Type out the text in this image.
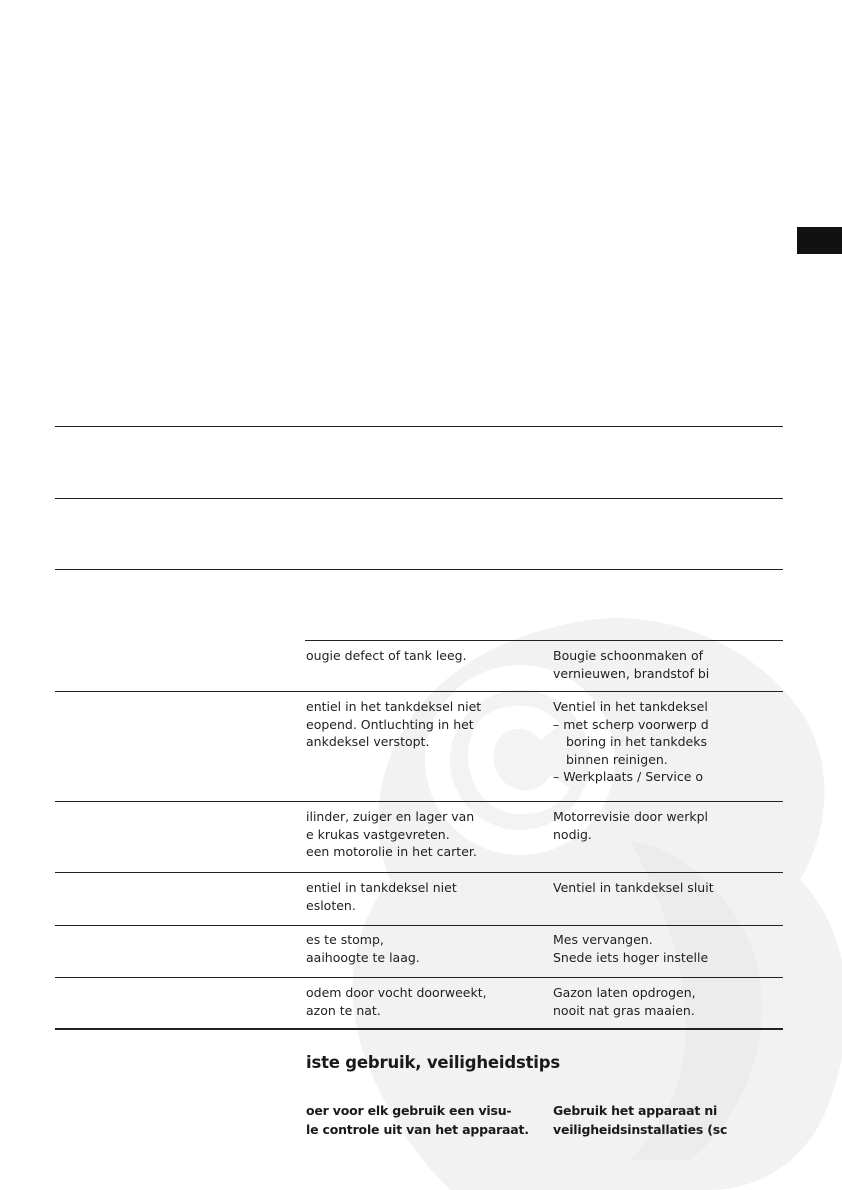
ougie defect of tank leeg.	Bougie schoonmaken of
vernieuwen, brandstof bi
entiel in het tankdeksel niet
eopend. Ontluchting in het
ankdeksel verstopt.
Ventiel in het tankdeksel
– met scherp voorwerp d
boring in het tankdeks
binnen reinigen.
– Werkplaats / Service o
ilinder, zuiger en lager van
e krukas vastgevreten.
een motorolie in het carter.
Motorrevisie door werkpl
nodig.
entiel in tankdeksel niet
esloten.
Ventiel in tankdeksel sluit
es te stomp,
aaihoogte te laag.
Mes vervangen.
Snede iets hoger instelle
odem door vocht doorweekt,
azon te nat.
Gazon laten opdrogen,
nooit nat gras maaien.
iste gebruik, veiligheidstips
oer voor elk gebruik een visu-
le controle uit van het apparaat.
Gebruik het apparaat ni
veiligheidsinstallaties (sc
